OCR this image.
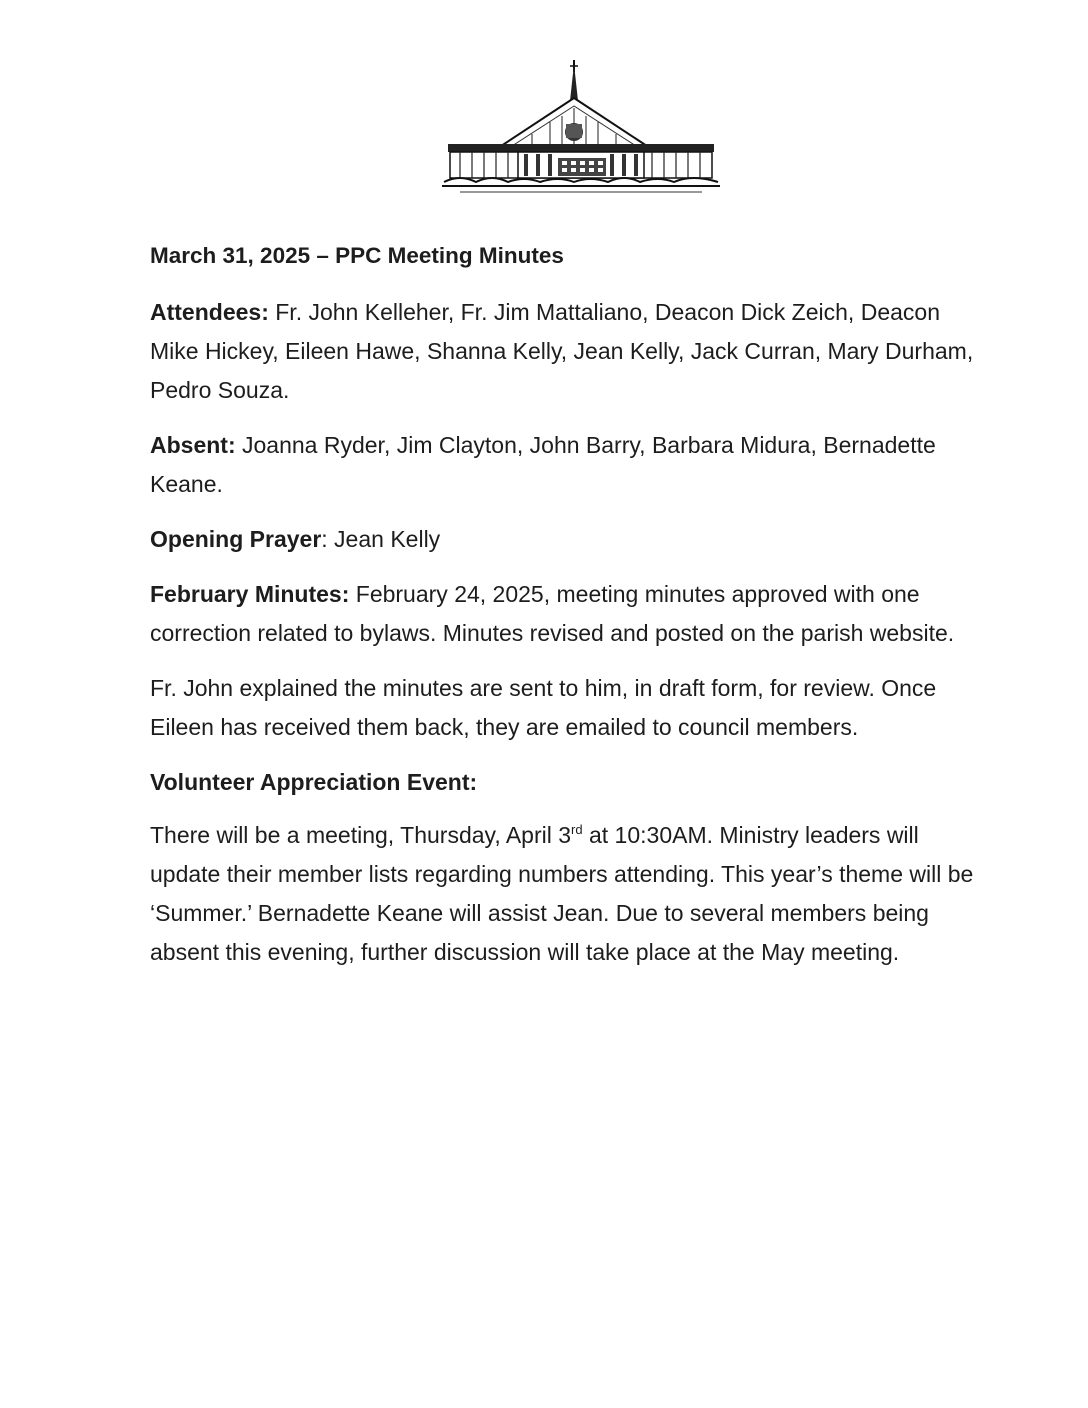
March 31, 2025 – PPC Meeting Minutes

Attendees: Fr. John Kelleher, Fr. Jim Mattaliano, Deacon Dick Zeich, Deacon Mike Hickey, Eileen Hawe, Shanna Kelly, Jean Kelly, Jack Curran, Mary Durham, Pedro Souza.

Absent: Joanna Ryder, Jim Clayton, John Barry, Barbara Midura, Bernadette Keane.

Opening Prayer: Jean Kelly

February Minutes: February 24, 2025, meeting minutes approved with one correction related to bylaws. Minutes revised and posted on the parish website.

Fr. John explained the minutes are sent to him, in draft form, for review. Once Eileen has received them back, they are emailed to council members.

Volunteer Appreciation Event:

There will be a meeting, Thursday, April 3rd at 10:30AM. Ministry leaders will update their member lists regarding numbers attending. This year’s theme will be ‘Summer.’ Bernadette Keane will assist Jean. Due to several members being absent this evening, further discussion will take place at the May meeting.
